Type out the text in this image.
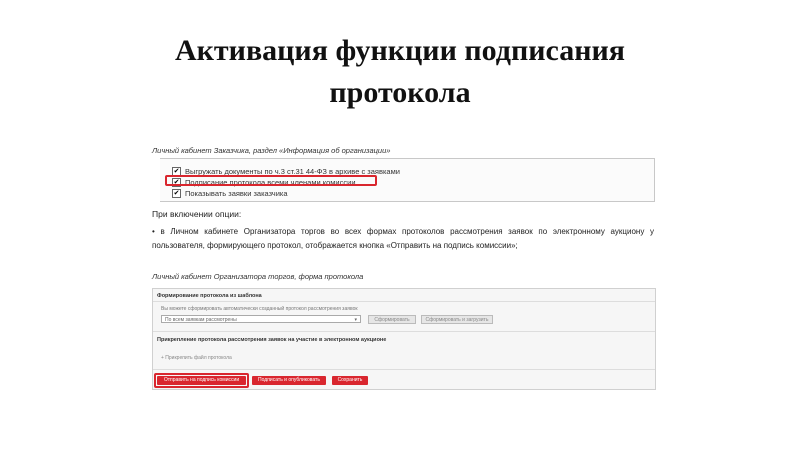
Активация функции подписания
протокола
Личный кабинет Заказчика, раздел «Информация об организации»
✔ Выгружать документы по ч.3 ст.31 44-ФЗ в архиве с заявками
✔ Подписание протокола всеми членами комиссии
✔ Показывать заявки заказчика
При включении опции:
• в Личном кабинете Организатора торгов во всех формах протоколов рассмотрения заявок по электронному аукциону у пользователя, формирующего протокол, отображается кнопка «Отправить на подпись комиссии»;
Личный кабинет Организатора торгов, форма протокола
Формирование протокола из шаблона
Вы можете сформировать автоматически созданный протокол рассмотрения заявок
По всем заявкам рассмотрены	▾	Сформировать	Сформировать и загрузить
Прикрепление протокола рассмотрения заявок на участие в электронном аукционе
+ Прикрепить файл протокола
Отправить на подпись комиссии	Подписать и опубликовать	Сохранить
